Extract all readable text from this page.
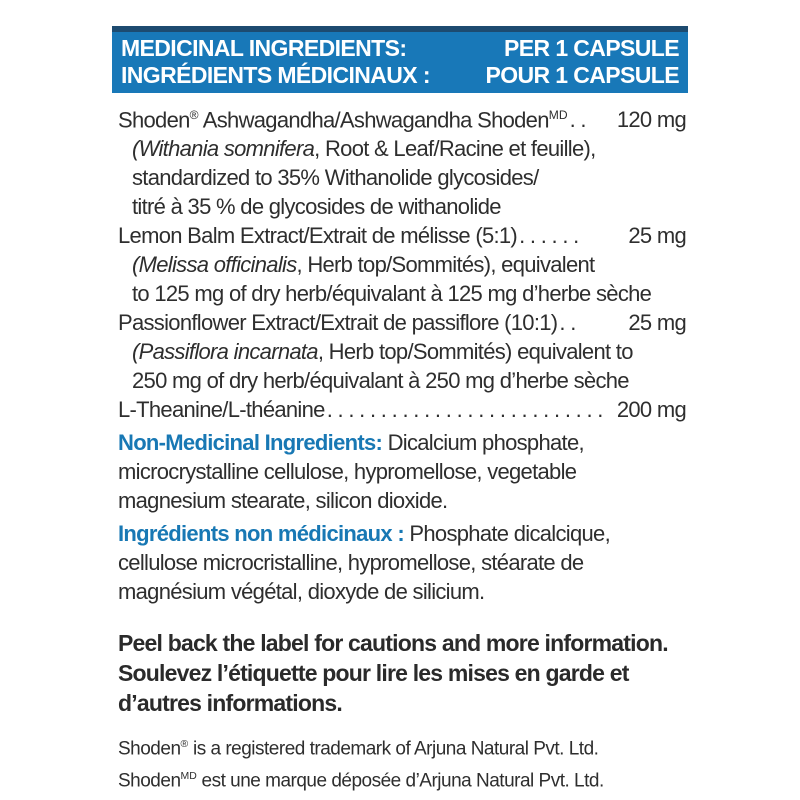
MEDICINAL INGREDIENTS:	PER 1 CAPSULE
INGRÉDIENTS MÉDICINAUX : POUR 1 CAPSULE
Shoden® Ashwagandha/Ashwagandha Shoden$^{MD}$ . .	120 mg
(Withania somnifera, Root & Leaf/Racine et feuille),
standardized to 35% Withanolide glycosides/
titré à 35 % de glycosides de withanolide
Lemon Balm Extract/Extrait de mélisse (5:1) . . . . . .	25 mg
(Melissa officinalis, Herb top/Sommités), equivalent
to 125 mg of dry herb/équivalant à 125 mg d’herbe sèche
Passionflower Extract/Extrait de passiflore (10:1) . .	25 mg
(Passiflora incarnata, Herb top/Sommités) equivalent to
250 mg of dry herb/équivalant à 250 mg d’herbe sèche
L-Theanine/L-théanine . . . . . . . . . . . . . . . . . . . . . . . . . . 200 mg
Non-Medicinal Ingredients: Dicalcium phosphate,
microcrystalline cellulose, hypromellose, vegetable
magnesium stearate, silicon dioxide.
Ingrédients non médicinaux : Phosphate dicalcique,
cellulose microcristalline, hypromellose, stéarate de
magnésium végétal, dioxyde de silicium.
Peel back the label for cautions and more information.
Soulevez l’étiquette pour lire les mises en garde et
d’autres informations.
Shoden® is a registered trademark of Arjuna Natural Pvt. Ltd.
Shoden$^{MD}$ est une marque déposée d’Arjuna Natural Pvt. Ltd.
